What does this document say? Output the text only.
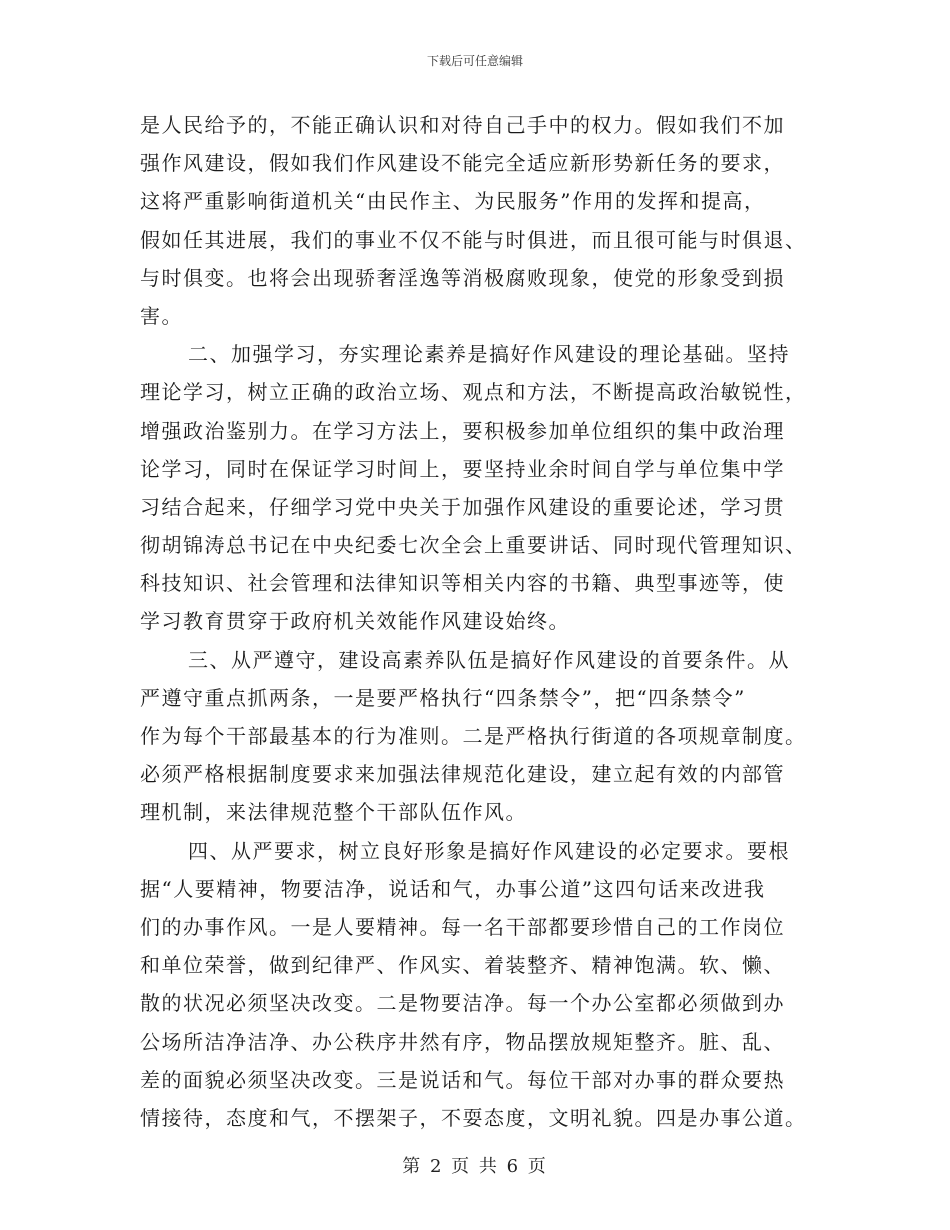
下载后可任意编辑
是人民给予的，不能正确认识和对待自己手中的权力。假如我们不加
强作风建设，假如我们作风建设不能完全适应新形势新任务的要求，
这将严重影响街道机关“由民作主、为民服务”作用的发挥和提高，
假如任其进展，我们的事业不仅不能与时俱进，而且很可能与时俱退、
与时俱变。也将会出现骄奢淫逸等消极腐败现象，使党的形象受到损
害。
二、加强学习，夯实理论素养是搞好作风建设的理论基础。坚持
理论学习，树立正确的政治立场、观点和方法，不断提高政治敏锐性，
增强政治鉴别力。在学习方法上，要积极参加单位组织的集中政治理
论学习，同时在保证学习时间上，要坚持业余时间自学与单位集中学
习结合起来，仔细学习党中央关于加强作风建设的重要论述，学习贯
彻胡锦涛总书记在中央纪委七次全会上重要讲话、同时现代管理知识、
科技知识、社会管理和法律知识等相关内容的书籍、典型事迹等，使
学习教育贯穿于政府机关效能作风建设始终。
三、从严遵守，建设高素养队伍是搞好作风建设的首要条件。从
严遵守重点抓两条，一是要严格执行“四条禁令”，把“四条禁令”
作为每个干部最基本的行为准则。二是严格执行街道的各项规章制度。
必须严格根据制度要求来加强法律规范化建设，建立起有效的内部管
理机制，来法律规范整个干部队伍作风。
四、从严要求，树立良好形象是搞好作风建设的必定要求。要根
据“人要精神，物要洁净，说话和气，办事公道”这四句话来改进我
们的办事作风。一是人要精神。每一名干部都要珍惜自己的工作岗位
和单位荣誉，做到纪律严、作风实、着装整齐、精神饱满。软、懒、
散的状况必须坚决改变。二是物要洁净。每一个办公室都必须做到办
公场所洁净洁净、办公秩序井然有序，物品摆放规矩整齐。脏、乱、
差的面貌必须坚决改变。三是说话和气。每位干部对办事的群众要热
情接待，态度和气，不摆架子，不耍态度，文明礼貌。四是办事公道。
第 2 页 共 6 页
